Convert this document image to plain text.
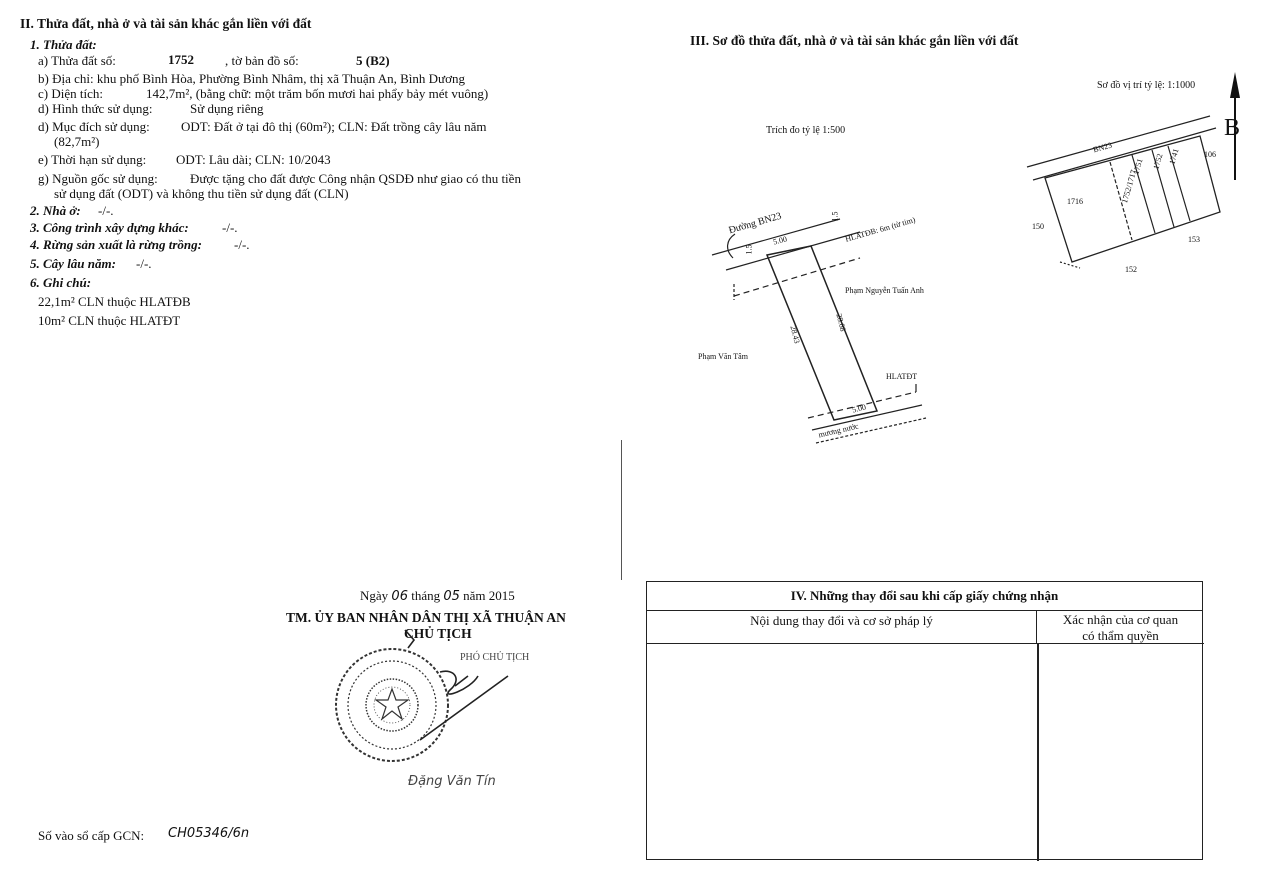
II. Thửa đất, nhà ở và tài sản khác gắn liền với đất
1. Thửa đất:
a) Thửa đất số:	1752 , tờ bản đồ số:	5 (B2)
b) Địa chỉ: khu phố Bình Hòa, Phường Bình Nhâm, thị xã Thuận An, Bình Dương
c) Diện tích:	142,7m², (bằng chữ: một trăm bốn mươi hai phẩy bảy mét vuông)
d) Hình thức sử dụng:	Sử dụng riêng
d) Mục đích sử dụng: ODT: Đất ở tại đô thị (60m²); CLN: Đất trồng cây lâu năm
(82,7m²)
e) Thời hạn sử dụng: ODT: Lâu dài; CLN: 10/2043
g) Nguồn gốc sử dụng: Được tặng cho đất được Công nhận QSDĐ như giao có thu tiền
sử dụng đất (ODT) và không thu tiền sử dụng đất (CLN)
2. Nhà ở: -/-.
3. Công trình xây dựng khác:	-/-.
4. Rừng sản xuất là rừng trồng: -/-.
5. Cây lâu năm: -/-.
6. Ghi chú:
22,1m² CLN thuộc HLATĐB
10m² CLN thuộc HLATĐT
Ngày 06 tháng 05 năm 2015
TM. ỦY BAN NHÂN DÂN THỊ XÃ THUẬN AN
CHỦ TỊCH
PHÓ CHỦ TỊCH
Đặng Văn Tín
Số vào sổ cấp GCN: CH05346/6n
III. Sơ đồ thửa đất, nhà ở và tài sản khác gắn liền với đất
Sơ đồ vị trí tỷ lệ: 1:1000
B
Trích đo tỷ lệ 1:500
BN23
1716	1752/1717
1751 1752 1741	106
150
153
152
Đường BN23
1.5
1.5
5.00	HLATĐB: 6m (từ tim)
Phạm Nguyễn Tuấn Anh
28.68
28.43
Phạm Văn Tâm
HLATĐT
5.00
mương nước
IV. Những thay đổi sau khi cấp giấy chứng nhận
Nội dung thay đổi và cơ sở pháp lý	Xác nhận của cơ quan
có thẩm quyền
